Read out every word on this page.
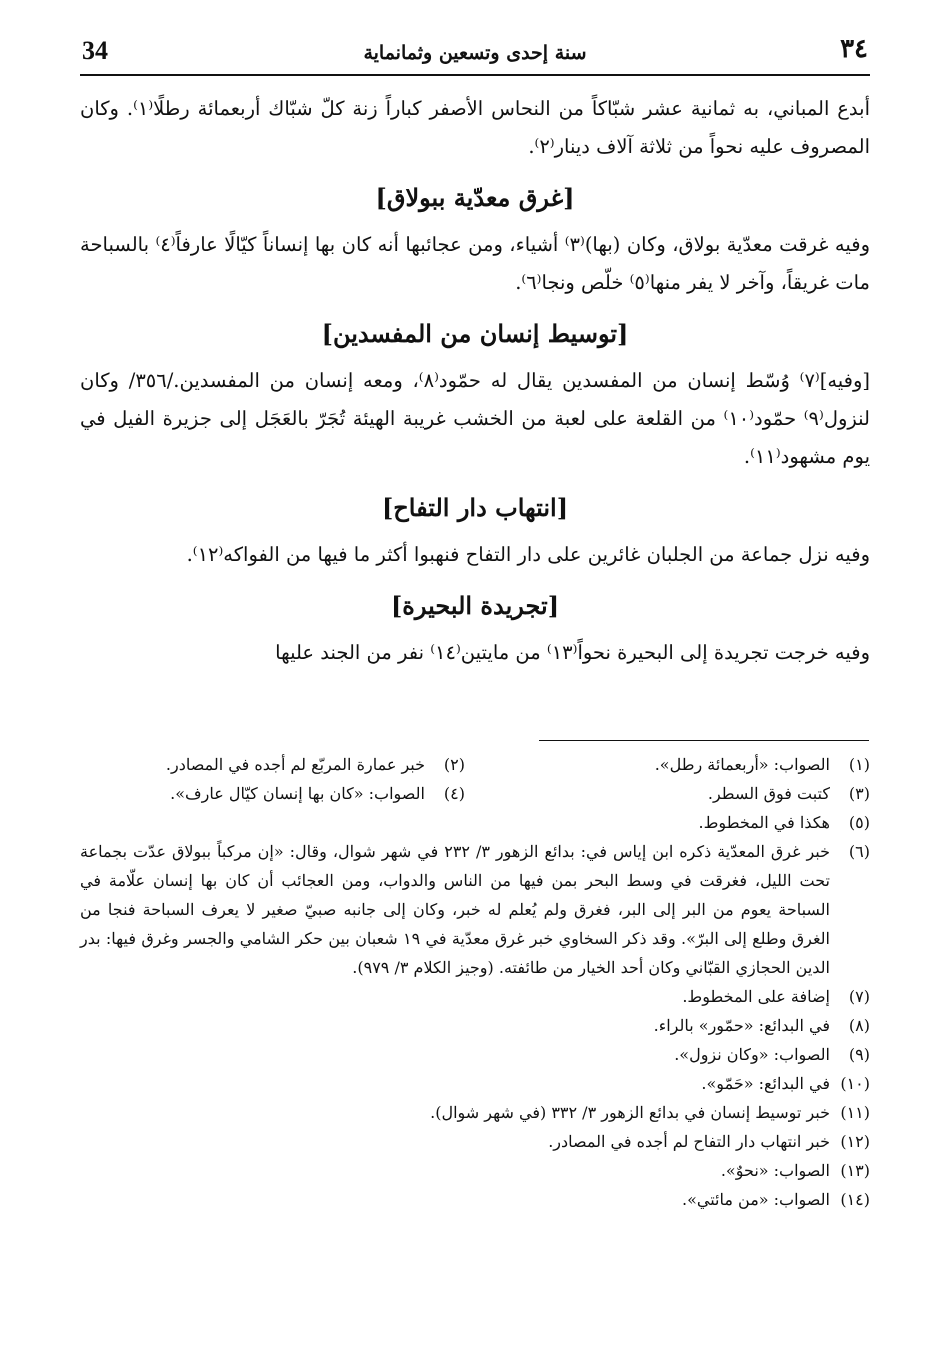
34	سنة إحدى وتسعين وثمانماية	٣٤

أبدع المباني، به ثمانية عشر شبّاكاً من النحاس الأصفر كباراً زنة كلّ شبّاك أربعمائة رطلًا⁽١⁾. وكان المصروف عليه نحواً من ثلاثة آلاف دينار⁽٢⁾.

[غرق معدّية ببولاق]

وفيه غرقت معدّية بولاق، وكان (بها)⁽٣⁾ أشياء، ومن عجائبها أنه كان بها إنساناً كيّالًا عارفاً⁽٤⁾ بالسباحة مات غريقاً، وآخر لا يفر منها⁽٥⁾ خلّص ونجا⁽٦⁾.

[توسيط إنسان من المفسدين]

[وفيه]⁽٧⁾ وُسّط إنسان من المفسدين يقال له حمّود⁽٨⁾، ومعه إنسان من المفسدين./٣٥٦/ وكان لنزول⁽٩⁾ حمّود⁽١٠⁾ من القلعة على لعبة من الخشب غريبة الهيئة تُجَرّ بالعَجَل إلى جزيرة الفيل في يوم مشهود⁽١١⁾.

[انتهاب دار التفاح]

وفيه نزل جماعة من الجلبان غائرين على دار التفاح فنهبوا أكثر ما فيها من الفواكه⁽١٢⁾.

[تجريدة البحيرة]

وفيه خرجت تجريدة إلى البحيرة نحواً⁽١٣⁾ من مايتين⁽١٤⁾ نفر من الجند عليها

(١)
الصواب: «أربعمائة رطل».
(٢)
خبر عمارة المربّع لم أجده في المصادر.
(٣)
كتبت فوق السطر.
(٤)
الصواب: «كان بها إنسان كيّال عارف».
(٥)
هكذا في المخطوط.
(٦)
خبر غرق المعدّية ذكره ابن إياس في: بدائع الزهور ٣/ ٢٣٢ في شهر شوال، وقال: «إن مركباً ببولاق عدّت بجماعة تحت الليل، فغرقت في وسط البحر بمن فيها من الناس والدواب، ومن العجائب أن كان بها إنسان علّامة في السباحة يعوم من البر إلى البر، فغرق ولم يُعلم له خبر، وكان إلى جانبه صبيّ صغير لا يعرف السباحة فنجا من الغرق وطلع إلى البرّ». وقد ذكر السخاوي خبر غرق معدّية في ١٩ شعبان بين حكر الشامي والجسر وغرق فيها: بدر الدين الحجازي القبّاني وكان أحد الخيار من طائفته. (وجيز الكلام ٣/ ٩٧٩).
(٧)
إضافة على المخطوط.
(٨)
في البدائع: «حمّور» بالراء.
(٩)
الصواب: «وكان نزول».
(١٠)
في البدائع: «حَمّو».
(١١)
خبر توسيط إنسان في بدائع الزهور ٣/ ٣٣٢ (في شهر شوال).
(١٢)
خبر انتهاب دار التفاح لم أجده في المصادر.
(١٣)
الصواب: «نحوٌ».
(١٤)
الصواب: «من مائتي».
